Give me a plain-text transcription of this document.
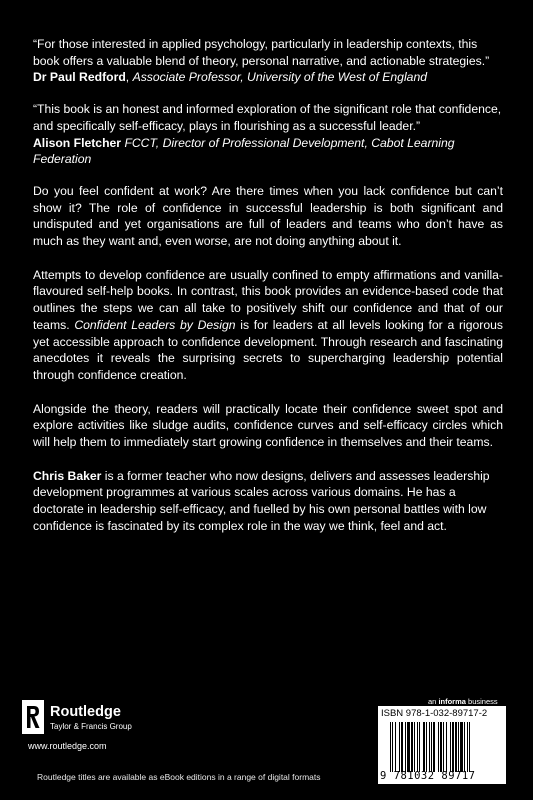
“For those interested in applied psychology, particularly in leadership contexts, this book offers a valuable blend of theory, personal narrative, and actionable strategies.”

Dr Paul Redford, Associate Professor, University of the West of England

“This book is an honest and informed exploration of the significant role that confidence, and specifically self-efficacy, plays in flourishing as a successful leader.”

Alison Fletcher FCCT, Director of Professional Development, Cabot Learning Federation

Do you feel confident at work? Are there times when you lack confidence but can’t show it? The role of confidence in successful leadership is both significant and undisputed and yet organisations are full of leaders and teams who don’t have as much as they want and, even worse, are not doing anything about it.

Attempts to develop confidence are usually confined to empty affirmations and vanilla-flavoured self-help books. In contrast, this book provides an evidence-based code that outlines the steps we can all take to positively shift our confidence and that of our teams. Confident Leaders by Design is for leaders at all levels looking for a rigorous yet accessible approach to confidence development. Through research and fascinating anecdotes it reveals the surprising secrets to supercharging leadership potential through confidence creation.

Alongside the theory, readers will practically locate their confidence sweet spot and explore activities like sludge audits, confidence curves and self-efficacy circles which will help them to immediately start growing confidence in themselves and their teams.

Chris Baker is a former teacher who now designs, delivers and assesses leadership development programmes at various scales across various domains. He has a doctorate in leadership self-efficacy, and fuelled by his own personal battles with low confidence is fascinated by its complex role in the way we think, feel and act.

Routledge
Taylor & Francis Group
www.routledge.com
Routledge titles are available as eBook editions in a range of digital formats
an informa business
ISBN 978-1-032-89717-2
9 781032 89717
